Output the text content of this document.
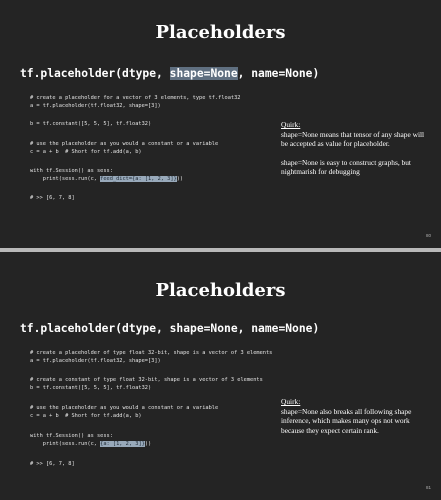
Placeholders
tf.placeholder(dtype, shape=None, name=None)
# create a placeholder for a vector of 3 elements, type tf.float32
a = tf.placeholder(tf.float32, shape=[3])
b = tf.constant([5, 5, 5], tf.float32)
# use the placeholder as you would a constant or a variable
c = a + b  # Short for tf.add(a, b)
with tf.Session() as sess:
print(sess.run(c, feed_dict={a: [1, 2, 3]}))
# >> [6, 7, 8]

Quirk:

shape=None means that tensor of any shape will be accepted as value for placeholder.

shape=None is easy to construct graphs, but nightmarish for debugging

80
Placeholders
tf.placeholder(dtype, shape=None, name=None)
# create a placeholder of type float 32-bit, shape is a vector of 3 elements
a = tf.placeholder(tf.float32, shape=[3])
# create a constant of type float 32-bit, shape is a vector of 3 elements
b = tf.constant([5, 5, 5], tf.float32)
# use the placeholder as you would a constant or a variable
c = a + b  # Short for tf.add(a, b)
with tf.Session() as sess:
print(sess.run(c, {a: [1, 2, 3]}))
# >> [6, 7, 8]

Quirk:

shape=None also breaks all following shape inference, which makes many ops not work because they expect certain rank.

81
